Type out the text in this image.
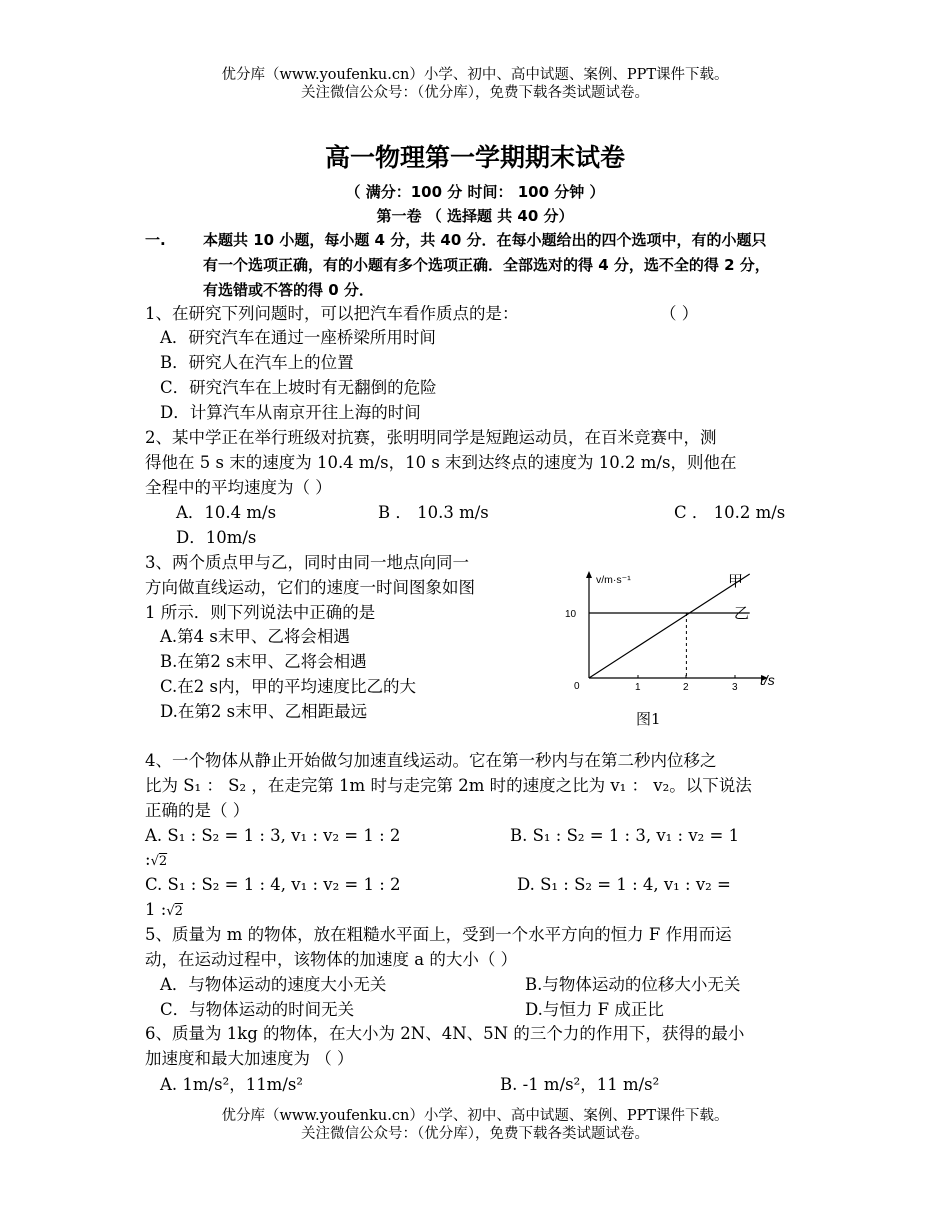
优分库（www.youfenku.cn）小学、初中、高中试题、案例、PPT课件下载。
关注微信公众号：（优分库），免费下载各类试题试卷。
高一物理第一学期期末试卷
（ 满分：100 分 时间： 100 分钟 ）
第一卷 （ 选择题 共 40 分）
一. 本题共 10 小题，每小题 4 分，共 40 分．在每小题给出的四个选项中，有的小题只
有一个选项正确，有的小题有多个选项正确．全部选对的得 4 分，选不全的得 2 分，
有选错或不答的得 0 分．
1、在研究下列问题时，可以把汽车看作质点的是：	（ ）
A．研究汽车在通过一座桥梁所用时间
B．研究人在汽车上的位置
C．研究汽车在上坡时有无翻倒的危险
D．计算汽车从南京开往上海的时间
2、某中学正在举行班级对抗赛，张明明同学是短跑运动员，在百米竞赛中，测
得他在 5 s 末的速度为 10.4 m/s，10 s 末到达终点的速度为 10.2 m/s，则他在
全程中的平均速度为（ ）
A．10.4 m/s	B ． 10.3 m/s	C ． 10.2 m/s
D．10m/s
3、两个质点甲与乙，同时由同一地点向同一
方向做直线运动，它们的速度一时间图象如图
1 所示．则下列说法中正确的是
A.第4 s末甲、乙将会相遇
B.在第2 s末甲、乙将会相遇
C.在2 s内，甲的平均速度比乙的大
D.在第2 s末甲、乙相距最远
v/m·s⁻¹
10
0	1	2	3 t/s
甲
乙
图1
4、一个物体从静止开始做匀加速直线运动。它在第一秒内与在第二秒内位移之
比为 S₁ ： S₂ ，在走完第 1m 时与走完第 2m 时的速度之比为 v₁ ： v₂。以下说法
正确的是（ ）
A. S₁ : S₂ = 1 : 3, v₁ : v₂ = 1 : 2	B. S₁ : S₂ = 1 : 3, v₁ : v₂ = 1
:√2
C. S₁ : S₂ = 1 : 4, v₁ : v₂ = 1 : 2	D. S₁ : S₂ = 1 : 4, v₁ : v₂ =
1 :√2
5、质量为 m 的物体，放在粗糙水平面上，受到一个水平方向的恒力 F 作用而运
动，在运动过程中，该物体的加速度 a 的大小（ ）
A．与物体运动的速度大小无关	B.与物体运动的位移大小无关
C．与物体运动的时间无关	D.与恒力 F 成正比
6、质量为 1kg 的物体，在大小为 2N、4N、5N 的三个力的作用下，获得的最小
加速度和最大加速度为 （ ）
A. 1m/s²，11m/s²	B. -1 m/s²，11 m/s²
优分库（www.youfenku.cn）小学、初中、高中试题、案例、PPT课件下载。
关注微信公众号：（优分库），免费下载各类试题试卷。
